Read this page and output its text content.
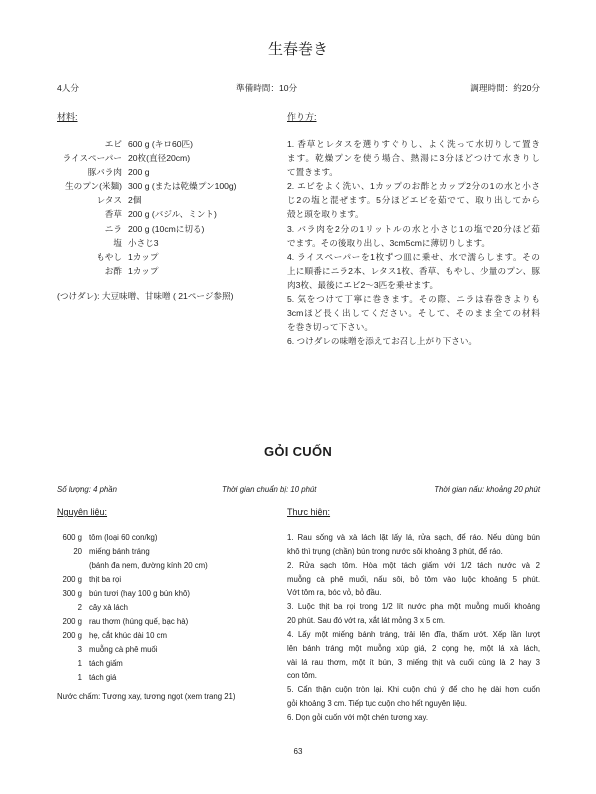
生春巻き
4人分	準備時間：10分	調理時間：約20分
材料:	作り方:
エビ 600 g (キロ60匹)
ライスペーパー 20枚(直径20cm)
豚バラ肉 200 g
生のプン(米麺) 300 g (または乾燥プン100g)
レタス 2個
香草 200 g (バジル、ミント)
ニラ 200 g (10cmに切る)
塩 小さじ3
もやし 1カップ
お酢 1カップ
(つけダレ): 大豆味噌、甘味噌 ( 21ページ参照)
1. 香草とレタスを選りすぐりし、よく洗って水切りして置き
ます。乾燥プンを使う場合、熱湯に3分ほどつけて水きりし
て置きます。
2. エビをよく洗い、1カップのお酢とカップ2分の1の水と小さ
じ2の塩と混ぜます。5分ほどエビを茹でて、取り出してから
殻と頭を取ります。
3. バラ肉を2分の1リットルの水と小さじ1の塩で20分ほど茹
でます。その後取り出し、3cm5cmに薄切りします。
4. ライスペーパーを1枚ずつ皿に乗せ、水で濡らします。その
上に順番にニラ2本、レタス1枚、香草、もやし、少量のプン、豚
肉3枚、最後にエビ2～3匹を乗せます。
5. 気をつけて丁寧に巻きます。その際、ニラは春巻きよりも
3cmほど長く出してください。そして、そのまま全ての材料
を巻き切って下さい。
6. つけダレの味噌を添えてお召し上がり下さい。
GỎI CUỐN
Số lượng: 4 phần	Thời gian chuẩn bị: 10 phút	Thời gian nấu: khoảng 20 phút
Nguyên liệu:	Thực hiện:
600 g tôm (loại 60 con/kg)
20 miếng bánh tráng
(bánh đa nem, đường kính 20 cm)
200 g thịt ba rọi
300 g bún tươi (hay 100 g bún khô)
2 cây xà lách
200 g rau thơm (húng quế, bạc hà)
200 g hẹ, cắt khúc dài 10 cm
3 muỗng cà phê muối
1 tách giấm
1 tách giá
Nước chấm: Tương xay, tương ngọt (xem trang 21)
1. Rau sống và xà lách lặt lấy lá, rửa sạch, để ráo. Nếu dùng bún
khô thì trụng (chần) bún trong nước sôi khoảng 3 phút, để ráo.
2. Rửa sạch tôm. Hòa một tách giấm với 1/2 tách nước và 2
muỗng cà phê muối, nấu sôi, bỏ tôm vào luộc khoảng 5 phút.
Vớt tôm ra, bóc vỏ, bỏ đầu.
3. Luộc thịt ba rọi trong 1/2 lít nước pha một muỗng muối khoảng
20 phút. Sau đó vớt ra, xắt lát mỏng 3 x 5 cm.
4. Lấy một miếng bánh tráng, trải lên đĩa, thấm ướt. Xếp lần lượt
lên bánh tráng một muỗng xúp giá, 2 cọng hẹ, một lá xà lách,
vài lá rau thơm, một ít bún, 3 miếng thịt và cuối cùng là 2 hay 3
con tôm.
5. Cẩn thận cuộn tròn lại. Khi cuộn chú ý để cho hẹ dài hơn cuốn
gỏi khoảng 3 cm. Tiếp tục cuộn cho hết nguyên liệu.
6. Dọn gỏi cuốn với một chén tương xay.
63
